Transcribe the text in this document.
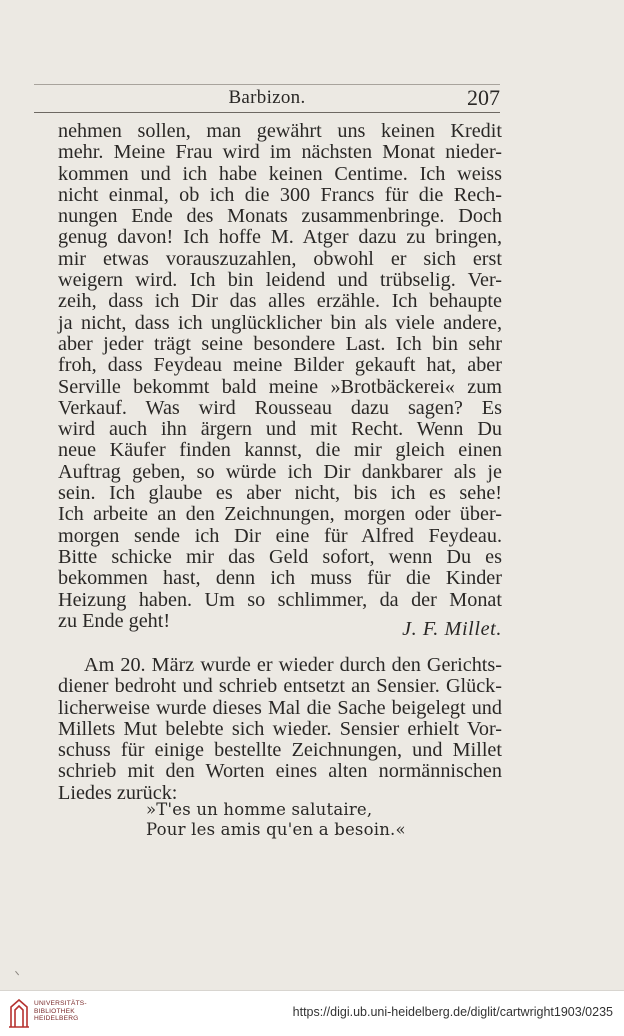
Barbizon.	207
nehmen sollen, man gewährt uns keinen Kredit
mehr. Meine Frau wird im nächsten Monat nieder-
kommen und ich habe keinen Centime. Ich weiss
nicht einmal, ob ich die 300 Francs für die Rech-
nungen Ende des Monats zusammenbringe. Doch
genug davon! Ich hoffe M. Atger dazu zu bringen,
mir etwas vorauszuzahlen, obwohl er sich erst
weigern wird. Ich bin leidend und trübselig. Ver-
zeih, dass ich Dir das alles erzähle. Ich behaupte
ja nicht, dass ich unglücklicher bin als viele andere,
aber jeder trägt seine besondere Last. Ich bin sehr
froh, dass Feydeau meine Bilder gekauft hat, aber
Serville bekommt bald meine »Brotbäckerei« zum
Verkauf. Was wird Rousseau dazu sagen? Es
wird auch ihn ärgern und mit Recht. Wenn Du
neue Käufer finden kannst, die mir gleich einen
Auftrag geben, so würde ich Dir dankbarer als je
sein. Ich glaube es aber nicht, bis ich es sehe!
Ich arbeite an den Zeichnungen, morgen oder über-
morgen sende ich Dir eine für Alfred Feydeau.
Bitte schicke mir das Geld sofort, wenn Du es
bekommen hast, denn ich muss für die Kinder
Heizung haben. Um so schlimmer, da der Monat
zu Ende geht!	J. F. Millet.
Am 20. März wurde er wieder durch den Gerichts-
diener bedroht und schrieb entsetzt an Sensier. Glück-
licherweise wurde dieses Mal die Sache beigelegt und
Millets Mut belebte sich wieder. Sensier erhielt Vor-
schuss für einige bestellte Zeichnungen, und Millet
schrieb mit den Worten eines alten normännischen
Liedes zurück:
»T'es un homme salutaire,
Pour les amis qu'en a besoin.«
UNIVERSITÄTS-
BIBLIOTHEK
HEIDELBERG	https://digi.ub.uni-heidelberg.de/diglit/cartwright1903/0235
